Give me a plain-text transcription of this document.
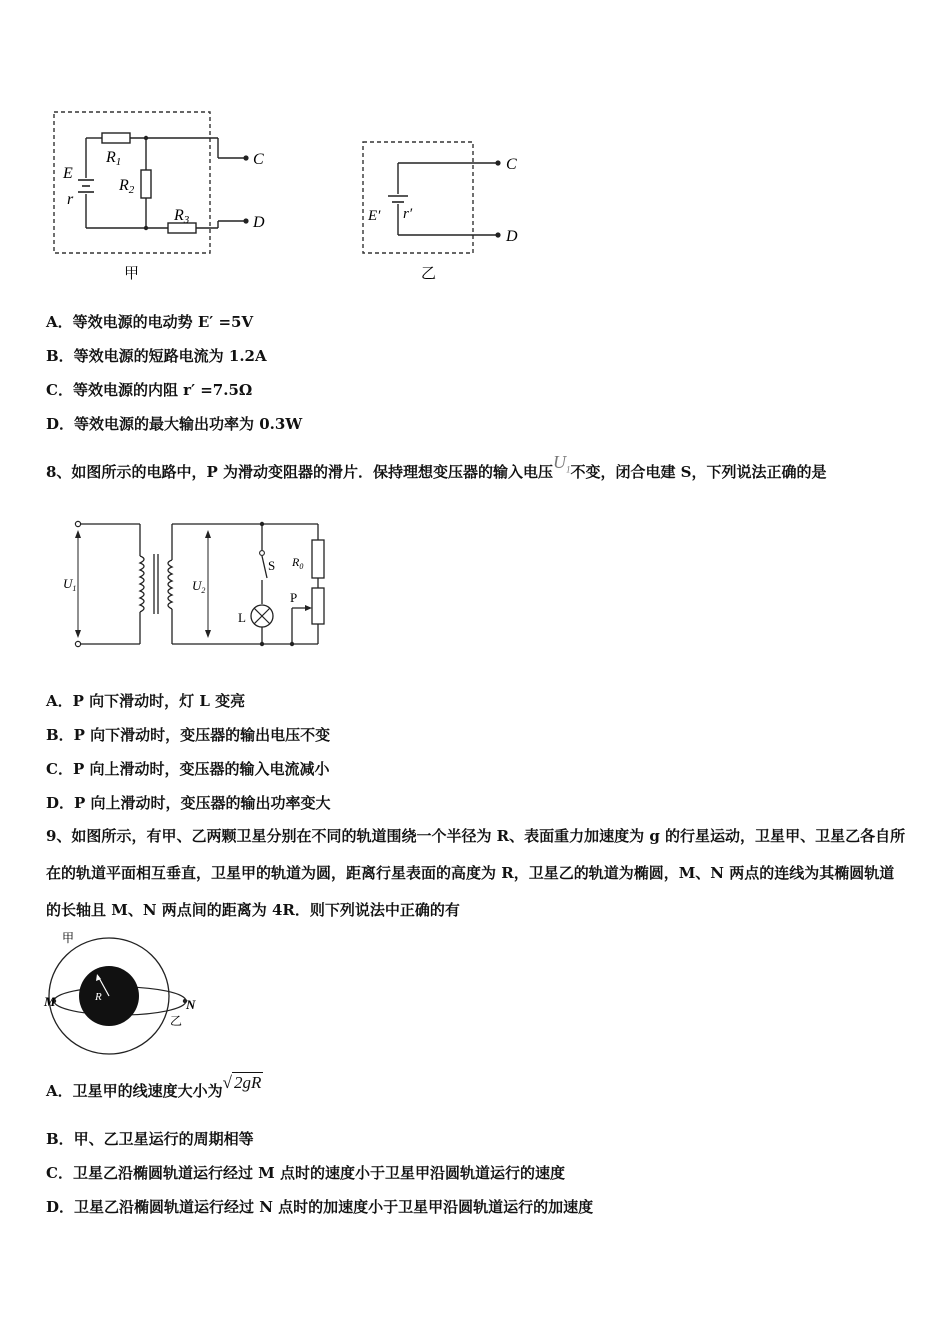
E
r
R1
R2
R3
C
D
甲
C
D
E′ r′
乙
A．等效电源的电动势 E′ =5V
B．等效电源的短路电流为 1.2A
C．等效电源的内阻 r′ =7.5Ω
D．等效电源的最大输出功率为 0.3W
8、如图所示的电路中，P 为滑动变阻器的滑片．保持理想变压器的输入电压$U_1$不变，闭合电建 S，下列说法正确的是
$U_1$	$U_2$
S
L
$R_0$
P
A．P 向下滑动时，灯 L 变亮
B．P 向下滑动时，变压器的输出电压不变
C．P 向上滑动时，变压器的输入电流减小
D．P 向上滑动时，变压器的输出功率变大
9、如图所示，有甲、乙两颗卫星分别在不同的轨道围绕一个半径为 R、表面重力加速度为 g 的行星运动，卫星甲、卫星乙各自所在的轨道平面相互垂直，卫星甲的轨道为圆，距离行星表面的高度为 R，卫星乙的轨道为椭圆，M、N 两点的连线为其椭圆轨道的长轴且 M、N 两点间的距离为 4R．则下列说法中正确的有
R
M	N
甲
乙
A．卫星甲的线速度大小为√ 2gR
B．甲、乙卫星运行的周期相等
C．卫星乙沿椭圆轨道运行经过 M 点时的速度小于卫星甲沿圆轨道运行的速度
D．卫星乙沿椭圆轨道运行经过 N 点时的加速度小于卫星甲沿圆轨道运行的加速度
